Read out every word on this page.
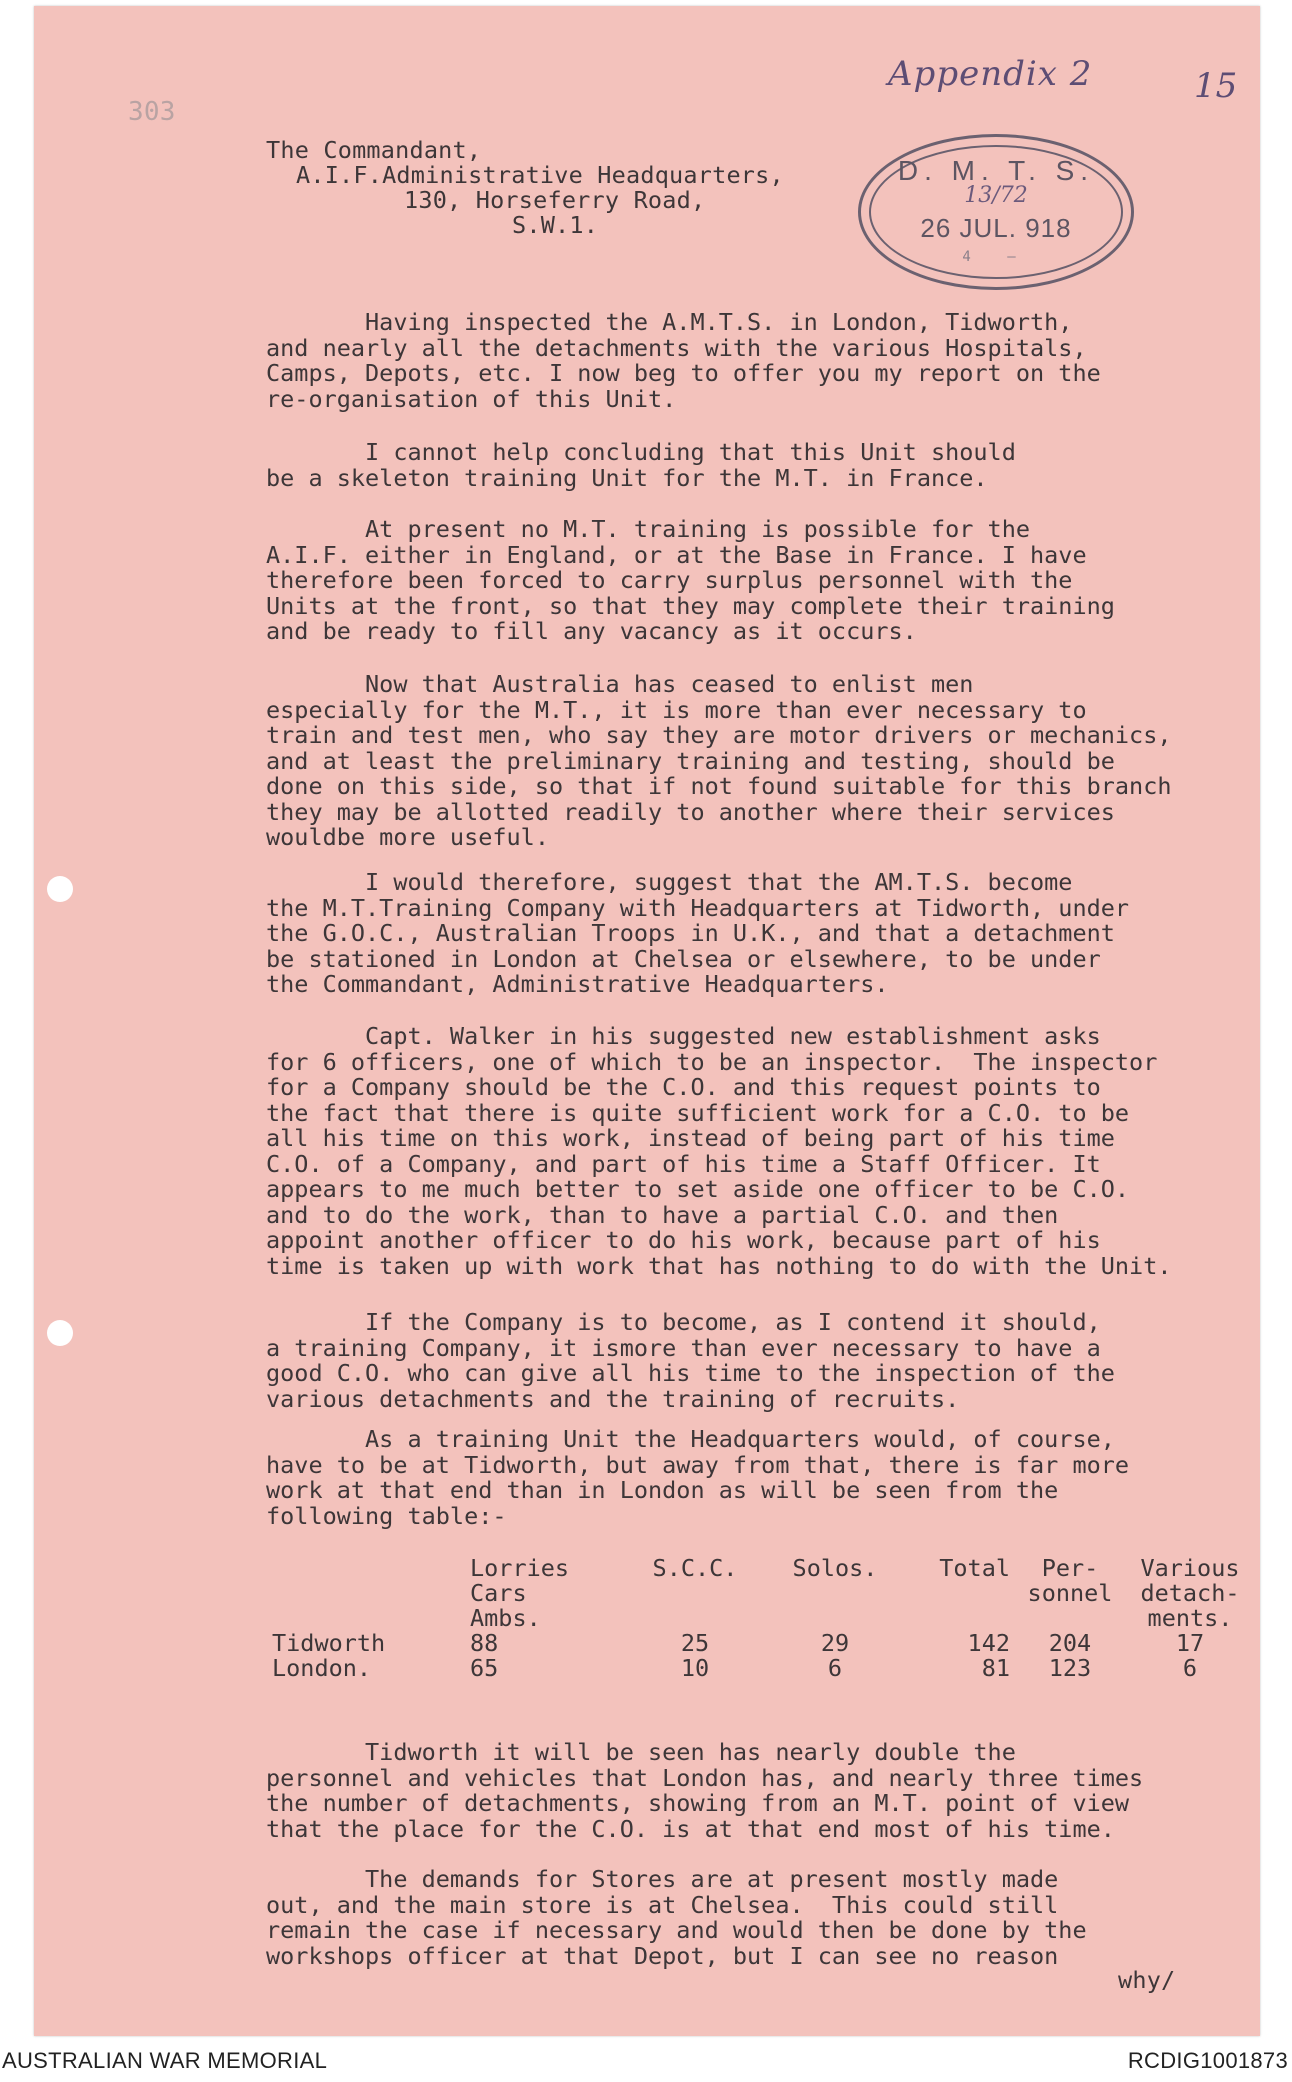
303
Appendix 2	15
D. M. T. S.
13/72
26 JUL. 918
4 —
The Commandant,
A.I.F.Administrative Headquarters,
130, Horseferry Road,
S.W.1.
Having inspected the A.M.T.S. in London, Tidworth,
and nearly all the detachments with the various Hospitals,
Camps, Depots, etc. I now beg to offer you my report on the
re-organisation of this Unit.
I cannot help concluding that this Unit should
be a skeleton training Unit for the M.T. in France.
At present no M.T. training is possible for the
A.I.F. either in England, or at the Base in France. I have
therefore been forced to carry surplus personnel with the
Units at the front, so that they may complete their training
and be ready to fill any vacancy as it occurs.
Now that Australia has ceased to enlist men
especially for the M.T., it is more than ever necessary to
train and test men, who say they are motor drivers or mechanics,
and at least the preliminary training and testing, should be
done on this side, so that if not found suitable for this branch
they may be allotted readily to another where their services
wouldbe more useful.
I would therefore, suggest that the AM.T.S. become
the M.T.Training Company with Headquarters at Tidworth, under
the G.O.C., Australian Troops in U.K., and that a detachment
be stationed in London at Chelsea or elsewhere, to be under
the Commandant, Administrative Headquarters.
Capt. Walker in his suggested new establishment asks
for 6 officers, one of which to be an inspector.  The inspector
for a Company should be the C.O. and this request points to
the fact that there is quite sufficient work for a C.O. to be
all his time on this work, instead of being part of his time
C.O. of a Company, and part of his time a Staff Officer. It
appears to me much better to set aside one officer to be C.O.
and to do the work, than to have a partial C.O. and then
appoint another officer to do his work, because part of his
time is taken up with work that has nothing to do with the Unit.
If the Company is to become, as I contend it should,
a training Company, it ismore than ever necessary to have a
good C.O. who can give all his time to the inspection of the
various detachments and the training of recruits.
As a training Unit the Headquarters would, of course,
have to be at Tidworth, but away from that, there is far more
work at that end than in London as will be seen from the
following table:-
	Lorries
Cars
Ambs.	S.C.C.	Solos.	Total	Per-
sonnel	Various
detach-
ments.
Tidworth	88	25	29	142	204	17
London.	65	10	6	81	123	6
Tidworth it will be seen has nearly double the
personnel and vehicles that London has, and nearly three times
the number of detachments, showing from an M.T. point of view
that the place for the C.O. is at that end most of his time.
The demands for Stores are at present mostly made
out, and the main store is at Chelsea.  This could still
remain the case if necessary and would then be done by the
workshops officer at that Depot, but I can see no reason
why/
AUSTRALIAN WAR MEMORIAL	RCDIG1001873
